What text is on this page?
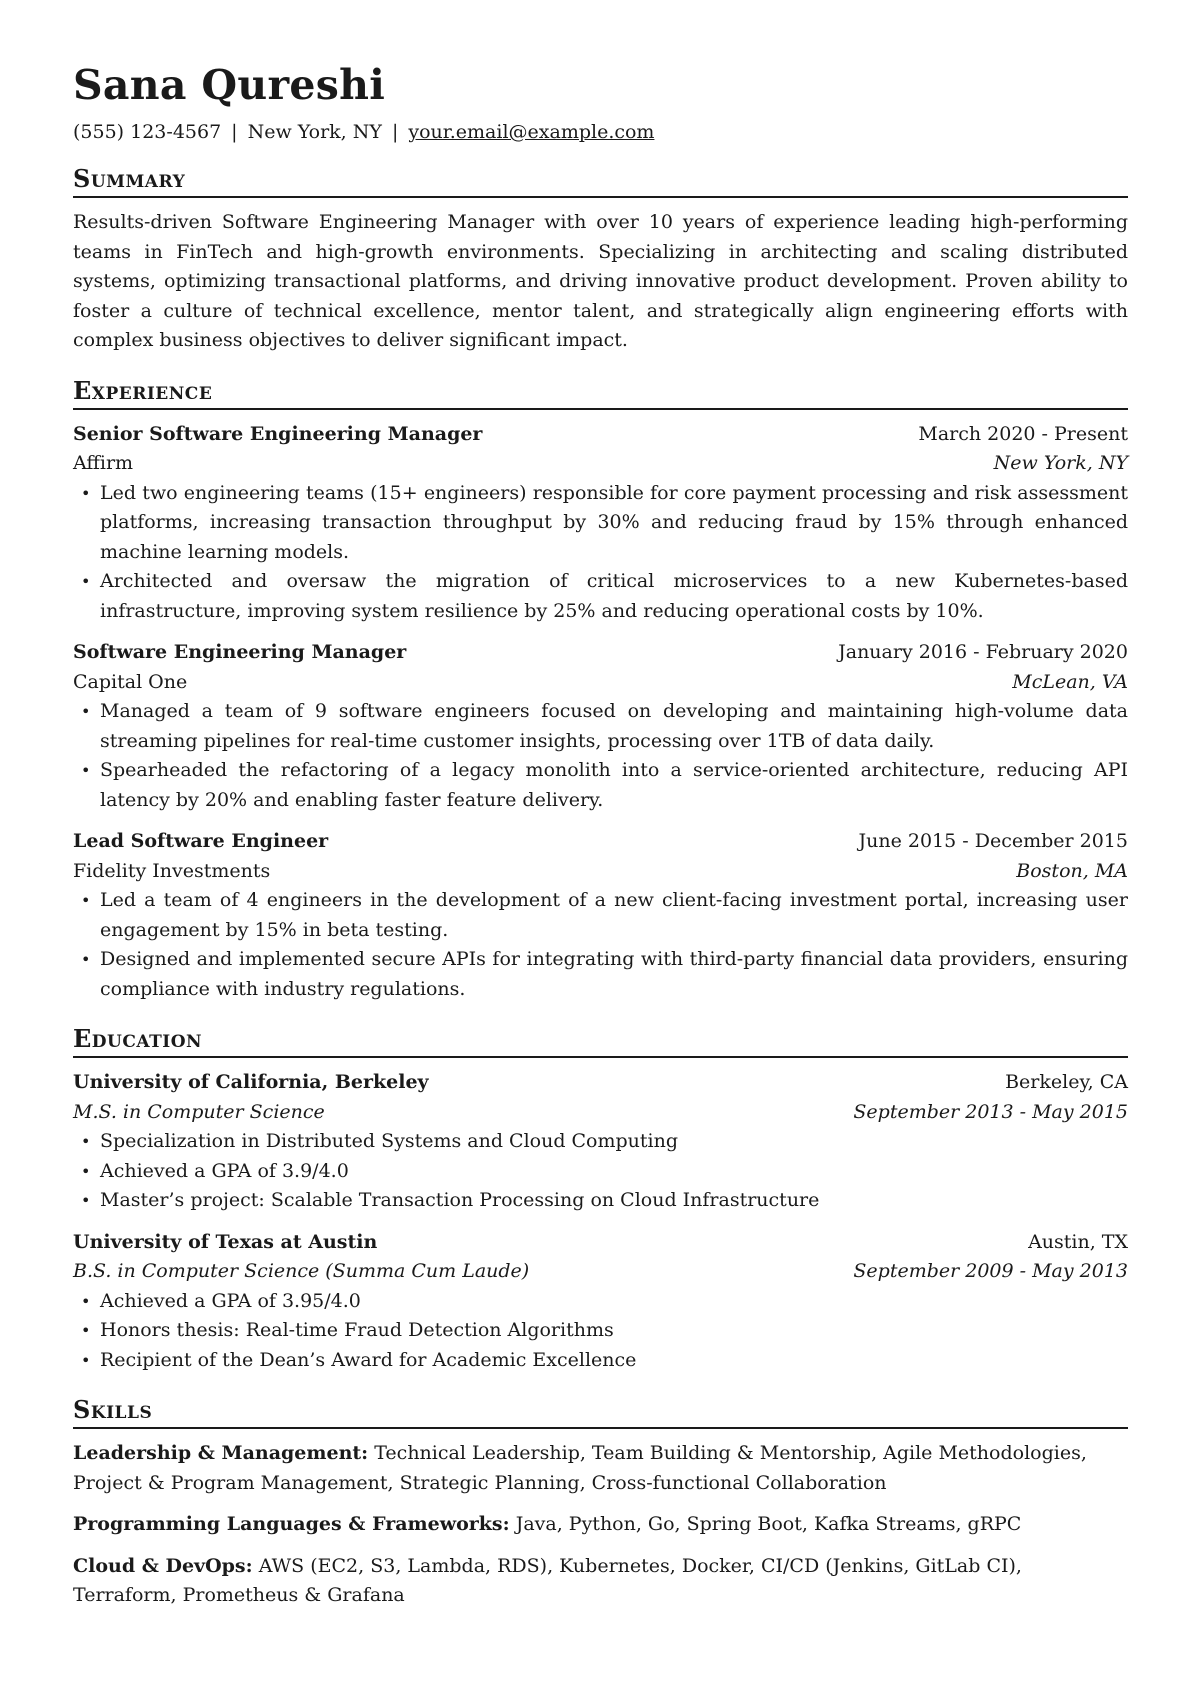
Sana Qureshi
(555) 123-4567 | New York, NY | your.email@example.com
Summary
Results-driven Software Engineering Manager with over 10 years of experience leading high-performing teams in FinTech and high-growth environments. Specializing in architecting and scaling distributed systems, optimizing transactional platforms, and driving innovative product development. Proven ability to foster a culture of technical excellence, mentor talent, and strategically align engineering efforts with complex business objectives to deliver significant impact.
Experience
Senior Software Engineering Manager	March 2020 - Present
Affirm	New York, NY
• Led two engineering teams (15+ engineers) responsible for core payment processing and risk assessment platforms, increasing transaction throughput by 30% and reducing fraud by 15% through enhanced machine learning models.
• Architected and oversaw the migration of critical microservices to a new Kubernetes-based infrastructure, improving system resilience by 25% and reducing operational costs by 10%.
Software Engineering Manager	January 2016 - February 2020
Capital One	McLean, VA
• Managed a team of 9 software engineers focused on developing and maintaining high-volume data streaming pipelines for real-time customer insights, processing over 1TB of data daily.
• Spearheaded the refactoring of a legacy monolith into a service-oriented architecture, reducing API latency by 20% and enabling faster feature delivery.
Lead Software Engineer	June 2015 - December 2015
Fidelity Investments	Boston, MA
• Led a team of 4 engineers in the development of a new client-facing investment portal, increasing user engagement by 15% in beta testing.
• Designed and implemented secure APIs for integrating with third-party financial data providers, ensuring compliance with industry regulations.
Education
University of California, Berkeley	Berkeley, CA
M.S. in Computer Science	September 2013 - May 2015
• Specialization in Distributed Systems and Cloud Computing
• Achieved a GPA of 3.9/4.0
• Master’s project: Scalable Transaction Processing on Cloud Infrastructure
University of Texas at Austin	Austin, TX
B.S. in Computer Science (Summa Cum Laude)	September 2009 - May 2013
• Achieved a GPA of 3.95/4.0
• Honors thesis: Real-time Fraud Detection Algorithms
• Recipient of the Dean’s Award for Academic Excellence
Skills
Leadership & Management: Technical Leadership, Team Building & Mentorship, Agile Methodologies, Project & Program Management, Strategic Planning, Cross-functional Collaboration
Programming Languages & Frameworks: Java, Python, Go, Spring Boot, Kafka Streams, gRPC
Cloud & DevOps: AWS (EC2, S3, Lambda, RDS), Kubernetes, Docker, CI/CD (Jenkins, GitLab CI), Terraform, Prometheus & Grafana
